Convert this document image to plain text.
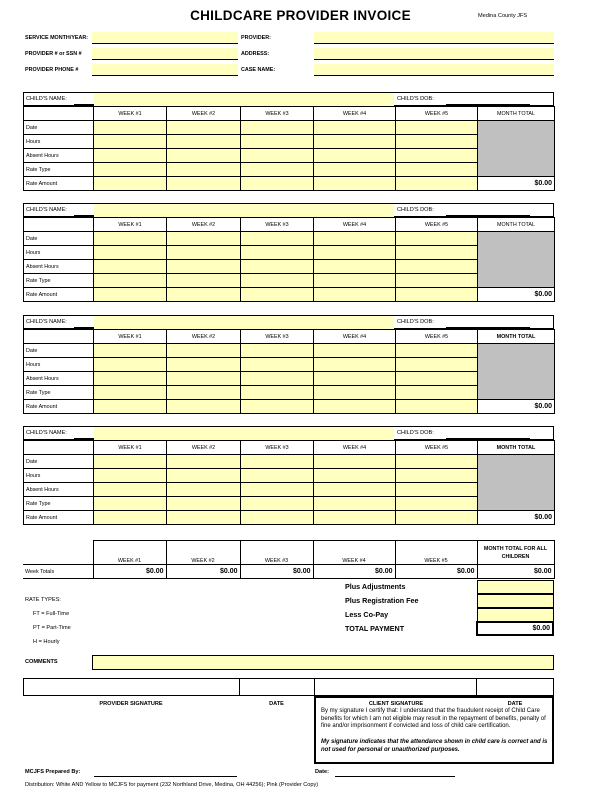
CHILDCARE PROVIDER INVOICE	Medina County JFS
SERVICE MONTH/YEAR:
PROVIDER # or SSN #
PROVIDER PHONE #
PROVIDER:
ADDRESS:
CASE NAME:
CHILD'S NAME:	CHILD'S DOB:
	WEEK #1	WEEK #2	WEEK #3	WEEK #4	WEEK #5	MONTH TOTAL
Date						
Hours						
Absent Hours						
Rate Type						
Rate Amount						$0.00
CHILD'S NAME:	CHILD'S DOB:
	WEEK #1	WEEK #2	WEEK #3	WEEK #4	WEEK #5	MONTH TOTAL
Date						
Hours						
Absent Hours						
Rate Type						
Rate Amount						$0.00
CHILD'S NAME:	CHILD'S DOB:
	WEEK #1	WEEK #2	WEEK #3	WEEK #4	WEEK #5	MONTH TOTAL
Date						
Hours						
Absent Hours						
Rate Type						
Rate Amount						$0.00
CHILD'S NAME:	CHILD'S DOB:
	WEEK #1	WEEK #2	WEEK #3	WEEK #4	WEEK #5	MONTH TOTAL
Date						
Hours						
Absent Hours						
Rate Type						
Rate Amount						$0.00
	WEEK #1	WEEK #2	WEEK #3	WEEK #4	WEEK #5	MONTH TOTAL FOR ALL CHILDREN
Week Totals	$0.00	$0.00	$0.00	$0.00	$0.00	$0.00
Plus Adjustments
Plus Registration Fee
Less Co-Pay
TOTAL PAYMENT	$0.00
RATE TYPES:
FT = Full-Time
PT = Part-Time
H = Hourly
COMMENTS
PROVIDER SIGNATURE	DATE	CLIENT SIGNATURE	DATE
By my signature I certify that: I understand that the fraudulent receipt of Child Care benefits for which I am not eligible may result in the repayment of benefits, penalty of fine and/or imprisonment if convicted and loss of child care certification.
My signature indicates that the attendance shown in child care is correct and is not used for personal or unauthorized purposes.
MCJFS Prepared By:	Date:
Distribution: White AND Yellow to MCJFS for payment (232 Northland Drive, Medina, OH 44256); Pink (Provider Copy)
